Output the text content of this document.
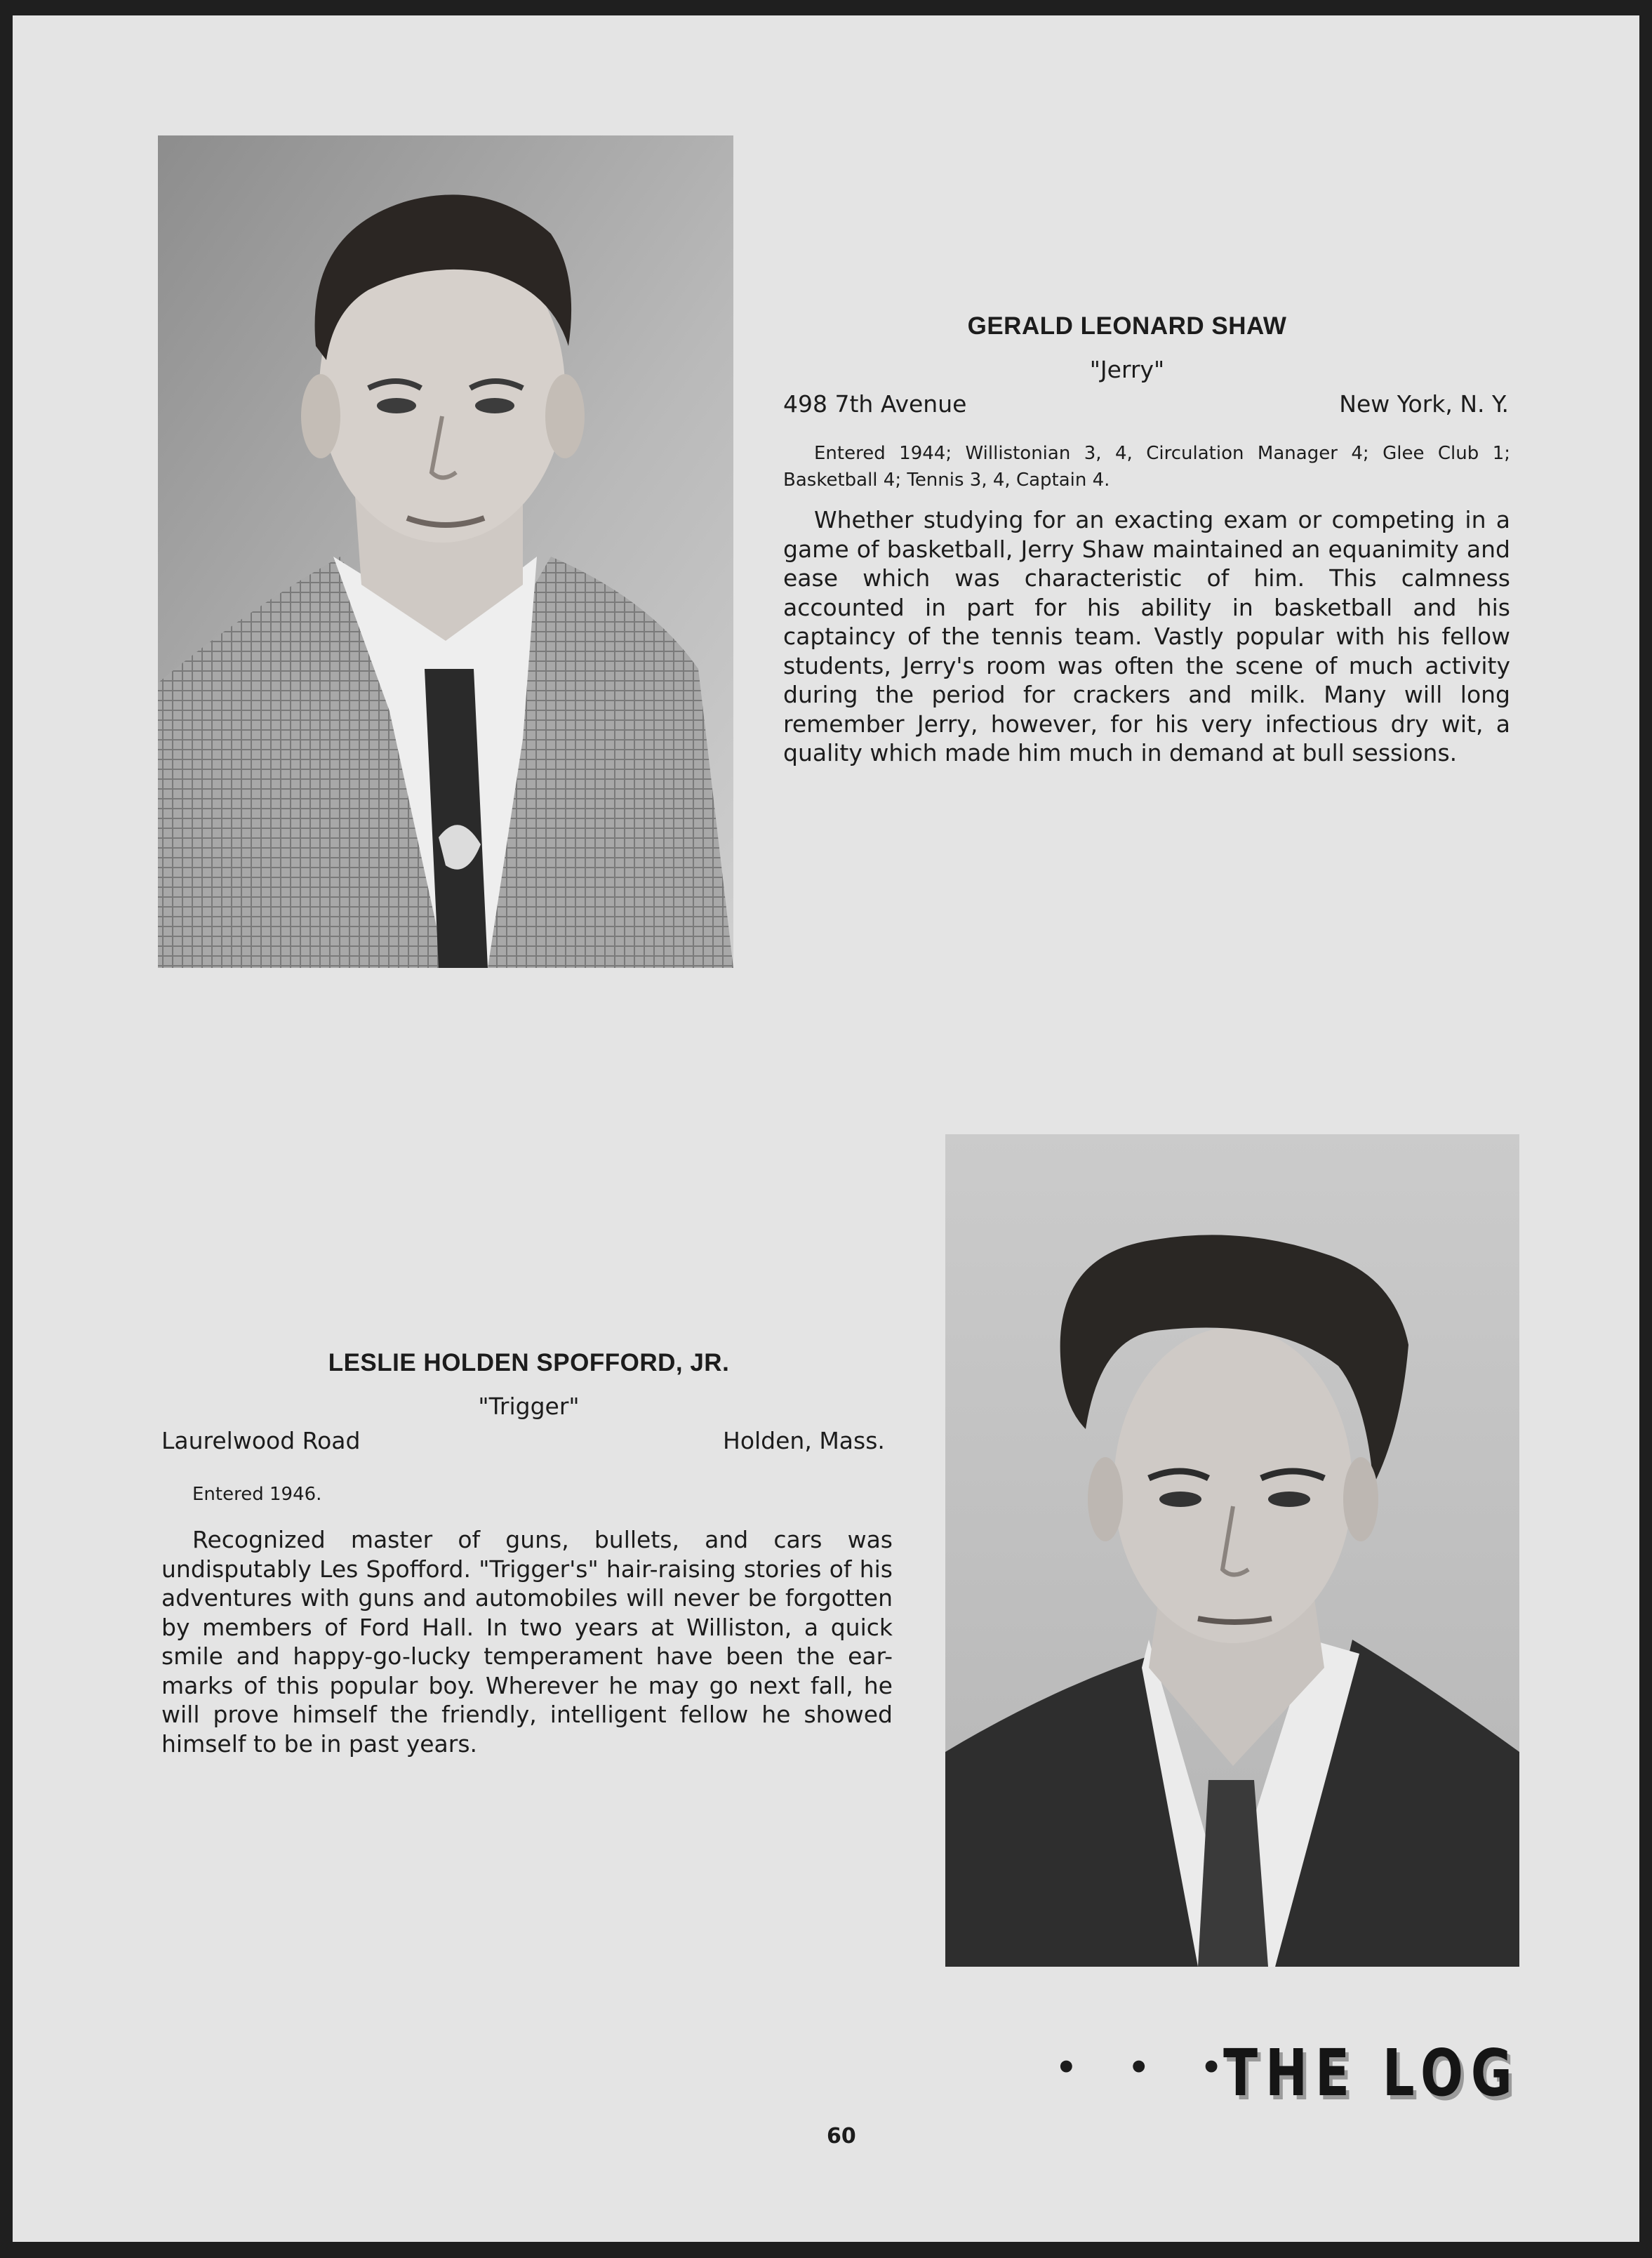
GERALD LEONARD SHAW

"Jerry"

498 7th Avenue	New York, N. Y.

Entered 1944; Willistonian 3, 4, Circulation Manager 4; Glee Club 1; Basketball 4; Tennis 3, 4, Captain 4.

Whether studying for an exacting exam or competing in a game of basketball, Jerry Shaw maintained an equanimity and ease which was characteristic of him. This calmness accounted in part for his ability in basketball and his captaincy of the tennis team. Vastly popular with his fellow students, Jerry's room was often the scene of much activity during the period for crackers and milk. Many will long remember Jerry, however, for his very infectious dry wit, a quality which made him much in demand at bull sessions.

LESLIE HOLDEN SPOFFORD, JR.

"Trigger"

Laurelwood Road	Holden, Mass.

Entered 1946.

Recognized master of guns, bullets, and cars was undisputably Les Spofford. "Trigger's" hair-raising stories of his adventures with guns and automobiles will never be forgotten by members of Ford Hall. In two years at Williston, a quick smile and happy-go-lucky temperament have been the ear-marks of this popular boy. Wherever he may go next fall, he will prove himself the friendly, intelligent fellow he showed himself to be in past years.

• • •

THE LOG

60
